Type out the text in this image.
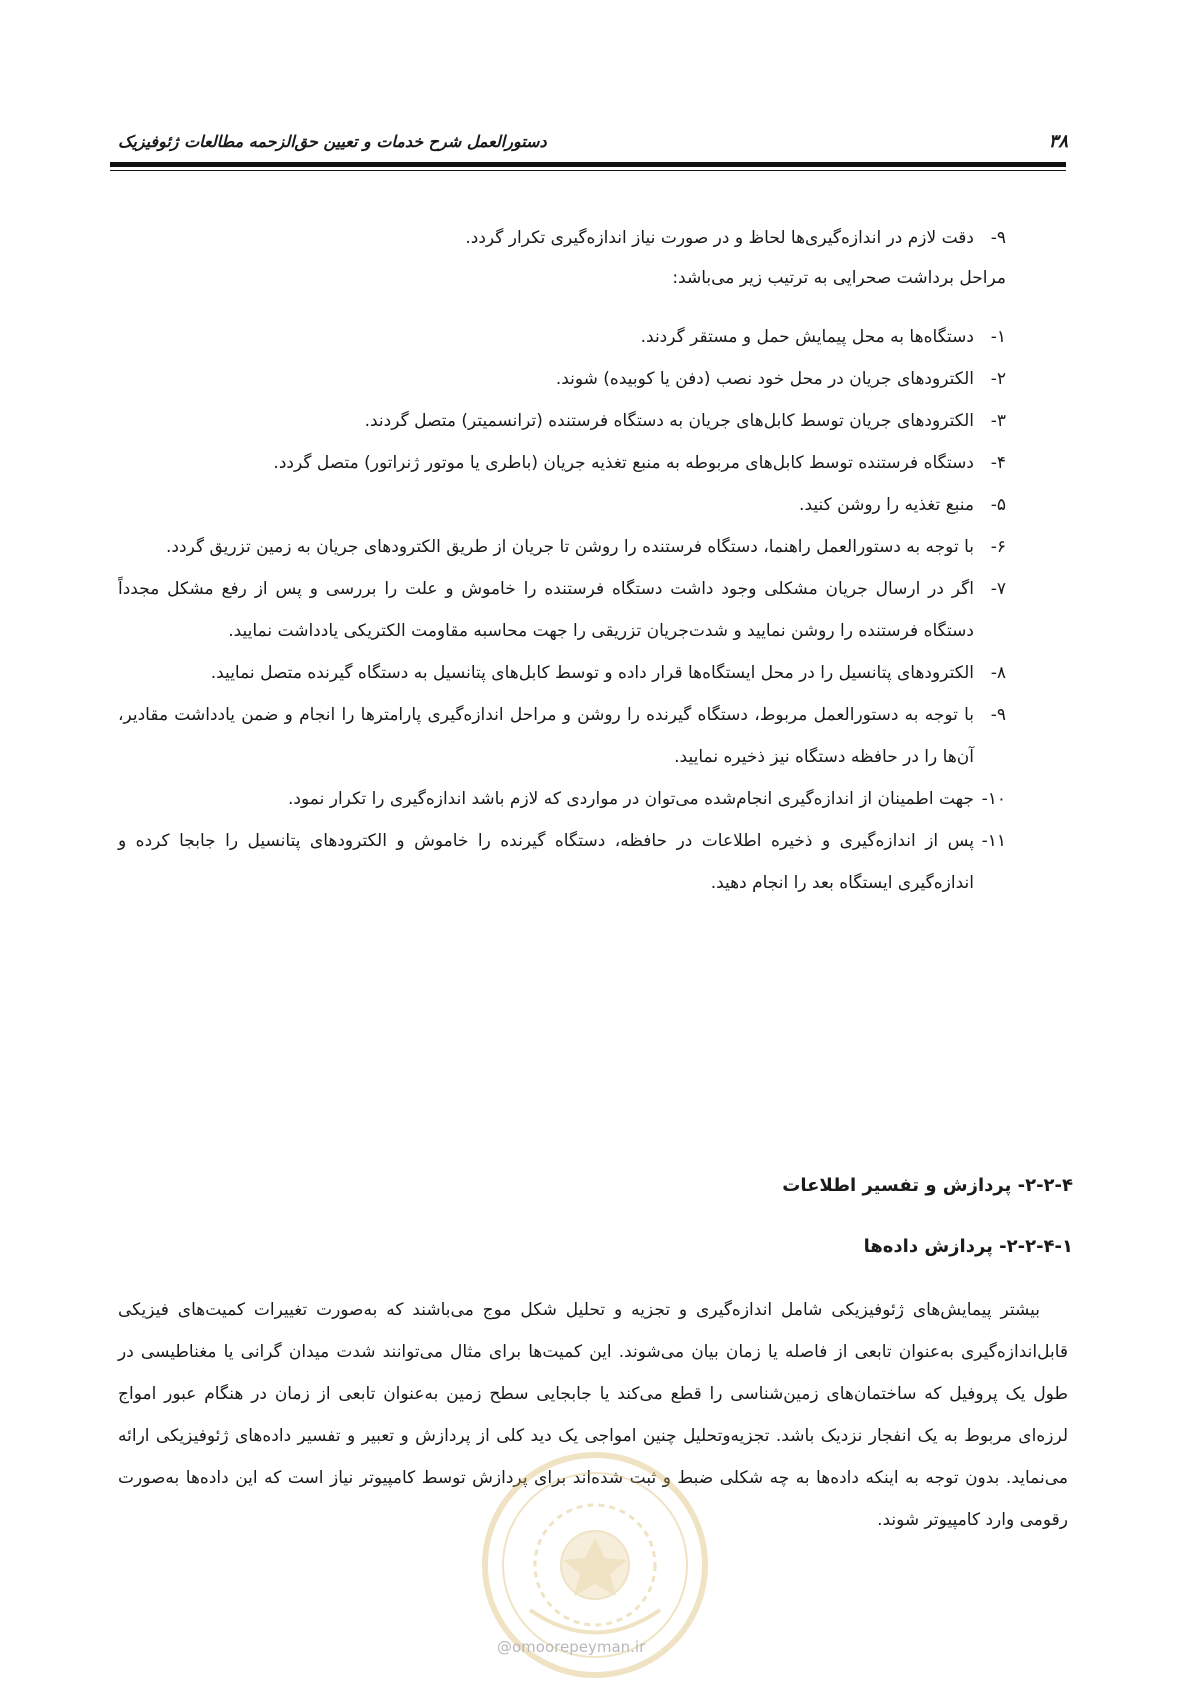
۳۸
دستورالعمل شرح خدمات و تعیین حق‌الزحمه مطالعات ژئوفیزیک
۹-
دقت لازم در اندازه‌گیری‌ها لحاظ و در صورت نیاز اندازه‌گیری تکرار گردد.

مراحل برداشت صحرایی به ترتیب زیر می‌باشد:

۱-
دستگاه‌ها به محل پیمایش حمل و مستقر گردند.
۲-
الکترودهای جریان در محل خود نصب (دفن یا کوبیده) شوند.
۳-
الکترودهای جریان توسط کابل‌های جریان به دستگاه فرستنده (ترانسمیتر) متصل گردند.
۴-
دستگاه فرستنده توسط کابل‌های مربوطه به منبع تغذیه جریان (باطری یا موتور ژنراتور) متصل گردد.
۵-
منبع تغذیه را روشن کنید.
۶-
با توجه به دستورالعمل راهنما، دستگاه فرستنده را روشن تا جریان از طریق الکترودهای جریان به زمین تزریق گردد.
۷-
اگر در ارسال جریان مشکلی وجود داشت دستگاه فرستنده را خاموش و علت را بررسی و پس از رفع مشکل مجدداً دستگاه فرستنده را روشن نمایید و شدت‌جریان تزریقی را جهت محاسبه مقاومت الکتریکی یادداشت نمایید.
۸-
الکترودهای پتانسیل را در محل ایستگاه‌ها قرار داده و توسط کابل‌های پتانسیل به دستگاه گیرنده متصل نمایید.
۹-
با توجه به دستورالعمل مربوط، دستگاه گیرنده را روشن و مراحل اندازه‌گیری پارامترها را انجام و ضمن یادداشت مقادیر، آن‌ها را در حافظه دستگاه نیز ذخیره نمایید.
۱۰-
جهت اطمینان از اندازه‌گیری انجام‌شده می‌توان در مواردی که لازم باشد اندازه‌گیری را تکرار نمود.
۱۱-
پس از اندازه‌گیری و ذخیره اطلاعات در حافظه، دستگاه گیرنده را خاموش و الکترودهای پتانسیل را جابجا کرده و اندازه‌گیری ایستگاه بعد را انجام دهید.
۲-۲-۴- پردازش و تفسیر اطلاعات
۲-۲-۴-۱- پردازش داده‌ها

بیشتر پیمایش‌های ژئوفیزیکی شامل اندازه‌گیری و تجزیه و تحلیل شکل موج می‌باشند که به‌صورت تغییرات کمیت‌های فیزیکی قابل‌اندازه‌گیری به‌عنوان تابعی از فاصله یا زمان بیان می‌شوند. این کمیت‌ها برای مثال می‌توانند شدت میدان گرانی یا مغناطیسی در طول یک پروفیل که ساختمان‌های زمین‌شناسی را قطع می‌کند یا جابجایی سطح زمین به‌عنوان تابعی از زمان در هنگام عبور امواج لرزه‌ای مربوط به یک انفجار نزدیک باشد. تجزیه‌وتحلیل چنین امواجی یک دید کلی از پردازش و تعبیر و تفسیر داده‌های ژئوفیزیکی ارائه می‌نماید. بدون توجه به اینکه داده‌ها به چه شکلی ضبط و ثبت شده‌اند برای پردازش توسط کامپیوتر نیاز است که این داده‌ها به‌صورت رقومی وارد کامپیوتر شوند.

@omoorepeyman.ir
